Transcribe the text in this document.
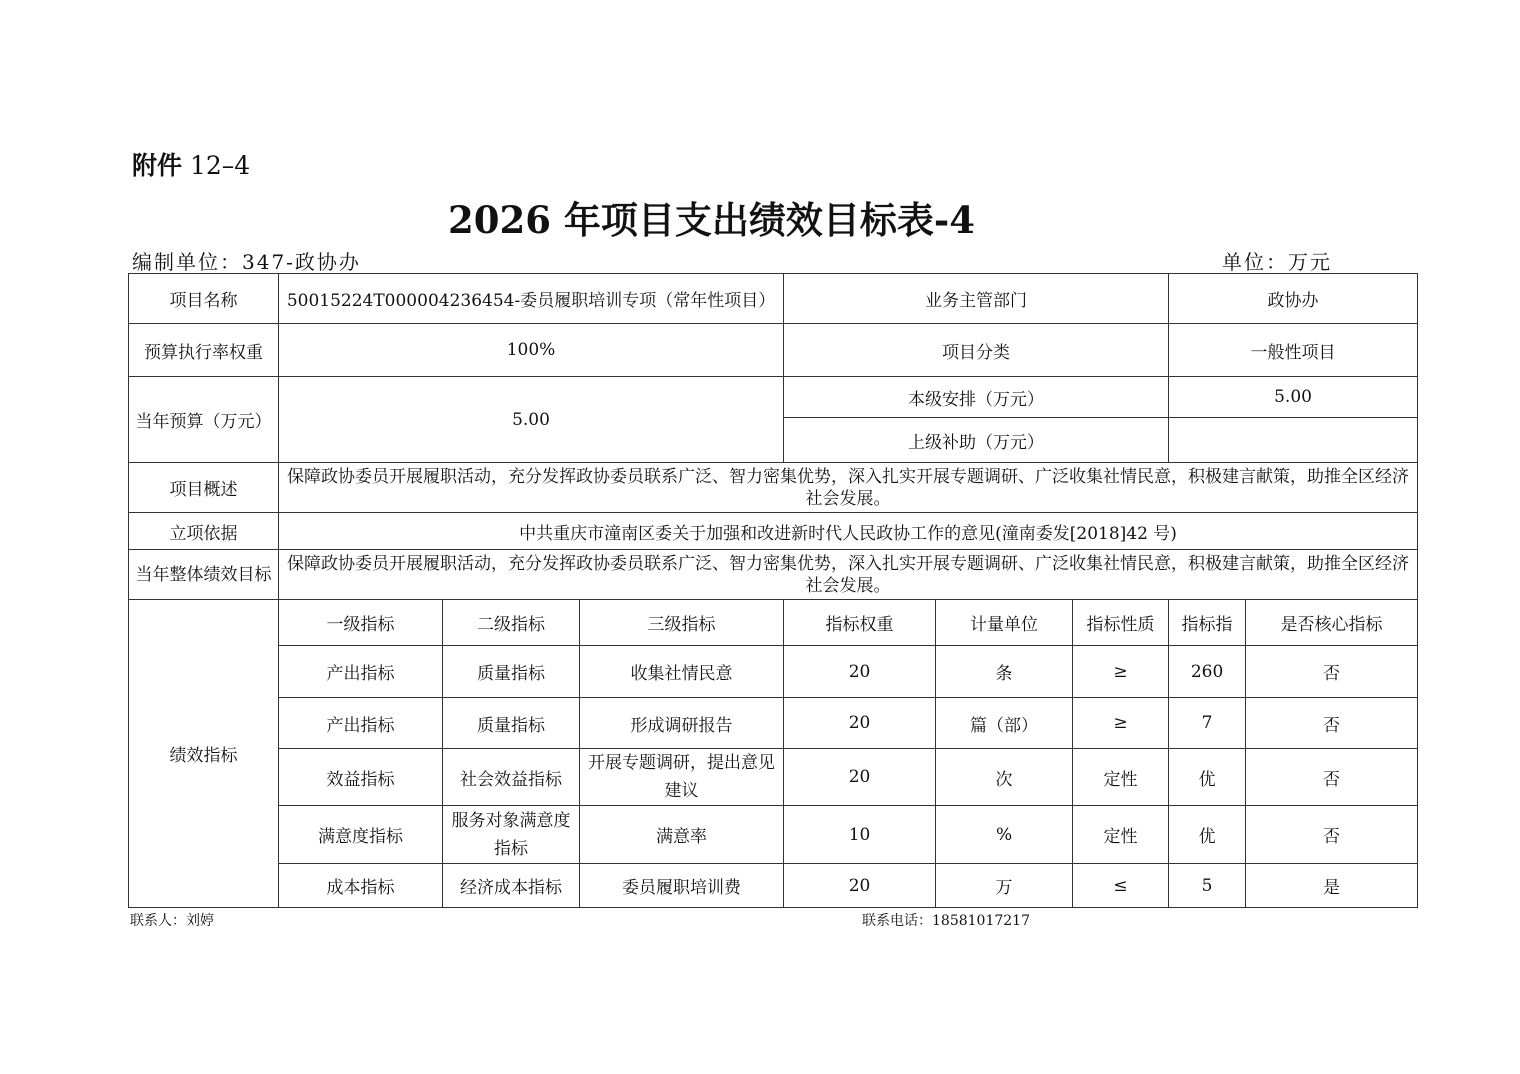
附件 12–4
2026 年项目支出绩效目标表-4
编制单位：347-政协办	单位：万元
项目名称	50015224T000004236454-委员履职培训专项（常年性项目）			业务主管部门			政协办	
预算执行率权重	100%			项目分类			一般性项目	
当年预算（万元）	5.00			本级安排（万元）			5.00	
				上级补助（万元）				
项目概述	保障政协委员开展履职活动，充分发挥政协委员联系广泛、智力密集优势，深入扎实开展专题调研、广泛收集社情民意，积极建言献策，助推全区经济社会发展。							
立项依据	中共重庆市潼南区委关于加强和改进新时代人民政协工作的意见(潼南委发[2018]42 号)							
当年整体绩效目标	保障政协委员开展履职活动，充分发挥政协委员联系广泛、智力密集优势，深入扎实开展专题调研、广泛收集社情民意，积极建言献策，助推全区经济社会发展。							
绩效指标	一级指标	二级指标	三级指标	指标权重	计量单位	指标性质	指标指	是否核心指标
	产出指标	质量指标	收集社情民意	20	条	≥	260	否
	产出指标	质量指标	形成调研报告	20	篇（部）	≥	7	否
	效益指标	社会效益指标	开展专题调研，提出意见建议	20	次	定性	优	否
	满意度指标	服务对象满意度指标	满意率	10	%	定性	优	否
	成本指标	经济成本指标	委员履职培训费	20	万	≤	5	是
联系人：刘婷	联系电话：18581017217
